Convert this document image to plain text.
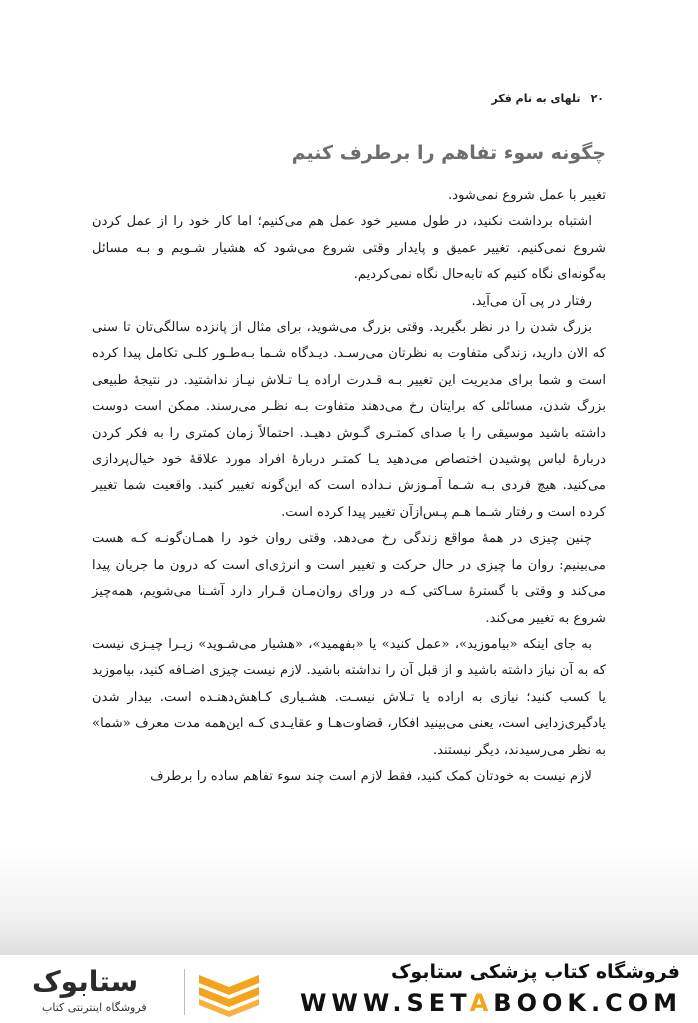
۲۰
تلهای به نام فکر
چگونه سوء تفاهم را برطرف کنیم

تغییر با عمل شروع نمی‌شود.

اشتباه برداشت نکنید، در طول مسیر خود عمل هم می‌کنیم؛ اما کار خود را از عمل کردن شروع نمی‌کنیم. تغییر عمیق و پایدار وقتی شروع می‌شود که هشیار شـویم و بـه مسائل به‌گونه‌ای نگاه کنیم که تابه‌حال نگاه نمی‌کردیم.

رفتار در پی آن می‌آید.

بزرگ شدن را در نظر بگیرید. وقتی بزرگ می‌شوید، برای مثال از پانزده سالگی‌تان تا سنی که الان دارید، زندگی متفاوت به نظرتان می‌رسـد. دیـدگاه شـما بـه‌طـور کلـی تکامل پیدا کرده است و شما برای مدیریت این تغییر بـه قـدرت اراده یـا تـلاش نیـاز نداشتید. در نتیجهٔ طبیعی بزرگ شدن، مسائلی که برایتان رخ می‌دهند متفاوت بـه نظـر می‌رسند. ممکن است دوست داشته باشید موسیقی را با صدای کمتـری گـوش دهیـد. احتمالاً زمان کمتری را به فکر کردن دربارهٔ لباس پوشیدن اختصاص می‌دهید یـا کمتـر دربارهٔ افراد مورد علاقهٔ خود خیال‌پردازی می‌کنید. هیچ فردی بـه شـما آمـوزش نـداده است که این‌گونه تغییر کنید. واقعیت شما تغییر کرده است و رفتار شـما هـم پـس‌ازآن تغییر پیدا کرده است.

چنین چیزی در همهٔ مواقع زندگی رخ می‌دهد. وقتی روان خود را همـان‌گونـه کـه هست می‌بینیم: روان ما چیزی در حال حرکت و تغییر است و انرژی‌ای است که درون ما جریان پیدا می‌کند و وقتی با گسترهٔ سـاکتی کـه در ورای روان‌مـان قـرار دارد آشـنا می‌شویم، همه‌چیز شروع به تغییر می‌کند.

به جای اینکه «بیاموزید»، «عمل کنید» یا «بفهمید»، «هشیار می‌شـوید» زیـرا چیـزی نیست که به آن نیاز داشته باشید و از قبل آن را نداشته باشید. لازم نیست چیزی اضـافه کنید، بیاموزید یا کسب کنید؛ نیازی به اراده یا تـلاش نیسـت. هشـیاری کـاهش‌دهنـده است. بیدار شدن یادگیری‌زدایی است، یعنی می‌بینید افکار، قضاوت‌هـا و عقایـدی کـه این‌همه مدت معرف «شما» به نظر می‌رسیدند، دیگر نیستند.

لازم نیست به خودتان کمک کنید، فقط لازم است چند سوء تفاهم ساده را برطرف

ستابوک
فروشگاه اینترنتی کتاب
فروشگاه کتاب پزشکی ستابوک
WWW.SETABOOK.COM
